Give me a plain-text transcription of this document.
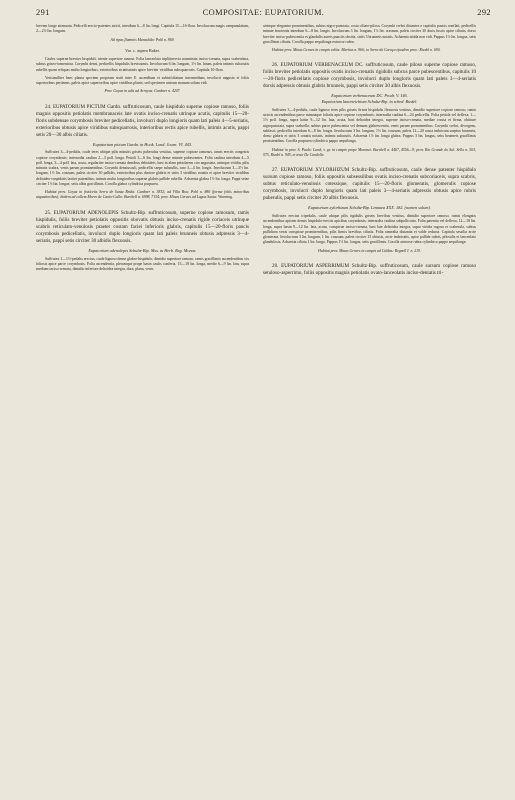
291	COMPOSITAE: EUPATORIUM.	292

brevem longe attenuata. Pedicelli erecto-patentes stricti, interdum 6—8 lin. longi. Capitula 15—16-flora. Involucrum magis campanulatum, 2—2½ lin. longum.

Ad ripas fluminis Marauhão: Pohl n. 869.

Var. c. aspera Baker.

Caules superne breviter hispiduli, triente superiore ramosi. Folia lanceolata tripliiinervia acuminata inciso-crenata, supra scaberrima, subtus griseo-tomentosa. Corymbi densi, pedicellis hispidulis brevissimis. Involucrum 6 lin. longum, 1½ lin. latum, paleis intimis subacutis rubellis quam reliquas multo longioribus, exterioribus striatissimis apice breviter viridibus subsquarrosis. Capitula 10-flora.

Verisimiliter haec planta speciem propriam sistit inter E. ascendium et subtrifoliatum intermedium, involucri angusto et foliis superioribus pertinens, paleis apice superioribus apice viridibus planis; sed specimen unicum manum solum vidi.

Prov. Goyaz in udis ad Arrayas: Gardner n. 4207.

24. EUPATORIUM PICTUM Gardn. suffruticosum, caule hispidulo superne copiose ramoso, foliis magnis oppositis petiolatis membranaceis late ovatis inciso-crenatis utrinque acutis, capitulis 15—20-floris subdensae corymbosis breviter pedicellatis, involucri duplo longioris quam lati paleis 4—5-seriatis, exterioribus obtusis apice viridibus subsquarrosis, interioribus rectis apice rubellis, intimis acutis, pappi setis 20—30 albis ciliatis.

Eupatorium pictum Gardn. in Hook. Lond. Journ. VI. 443.

Suffrutex 3—4-pedalis, caule teres ubique pilis minutis griseis puberulus vestitus, superne copiose ramosus, ramis erectis congestis copiose corymbosis; internodia caulina 2—3 poll. longa. Petioli 3—6 lin. longi dense minute pubescentes. Folia caulina interdum 4—5 poll. longa, 3—4 poll. lata, acuta, regulariter inciso-crenata dentibus deltoideis, basi in alam petiolarem cito angustata, utrinque viridia, pilis minutis scabra, venis parum prominentibus. Corymbi densiusculi, pedicellis saepe subnullis, raro 3—4 lin. longis. Involucrum 3—3½ lin. longum, 1½ lin. crassum, paleis circiter 30 pallidis, exterioribus plus duriore glabris et striis 3 viridibus notatis et apice breviter viridibus deltoideo-cuspidatis laxiter patentibus, intimis multo longioribus superne glabris pallide rubellis. Achaenia glabra 1½ lin. longa. Pappi setae circiter 1½ lin. longae, setis albis gracillimis. Corolla glabra cylindrica purpurea.

Habitat prov. Goyaz in fruticetis Serra de Santa Brida: Gardner n. 3832; ad Villa Boa: Pohl n. 886 (forma foliis minoribus angustioribus); ibidem ad collem Morro de Canto-Gallo: Burchell n. 6998, 7154; prov. Minas Geraes ad Lagoa Santa: Warming.

25. EUPATORIUM ADENOLEPIS Schultz-Bip. suffruticosum, superne copiose ramosum, ramis hispidulis, foliis breviter petiolatis oppositis obovatis obtusis inciso-crenatis rigide coriaceis utrinque scabris reticulato-venulosis praeter costam faciei inferioris glabris, capitulis 15—20-floris paucis corymbosis pedicellatis, involucri duplo longioris quam lati paleis brunneis obtusis adpressis 3—4-seriatis, pappi setis circiter 30 albidis flexuosis.

Eupatorium adenolepis Schultz-Bip. Mss. in Herb. Reg. Monac.

Suffrutex 1—1½-pedalis erectus, caule lignoso dense glabro-hispidulo, dimidio superiore ramoso, ramis gracillimis ascendentibus vix foliosis apice parce corymbosis. Folia ascendentia, plerumque prope basin caulis conferta, 15—18 lin. longa, medio 6—9 lin. lata, supra medium inciso-crenata, dimidio inferiore deltoidea integra, dura, plana, venis

utrinque elegantur prominentibus, subtus nigro-punctata, costa ciliato-pilosa. Corymbi crebri distantes e capitulis paucis conflati, pedicellis minute bracteatis interdum 6—8 lin. longis. Involucrum 3 lin. longum, 1½ lin. crassum, paleis circiter 30 duris fuscis apice ciliatis, dorso breviter inciso-pubescentia et glandulis aureis punctis obsitis, striis 3 brunneis notatis. Achaenia nitida non vidi. Pappus 1½ lin. longus, setis gracillimis ciliatis. Corolla pappo aequilonga extrorse rubra.

Habitat prov. Minas Geraes in campis editis: Martius n. 966; in Serra da Caraça ejusdem prov.: Riedel n. 690.

26. EUPATORIUM VERBENACEUM DC. suffruticosum, caule piloso superne copiose ramoso, foliis breviter petiolatis oppositis ovatis inciso-crenatis rigidulis subcus parce pubescentibus, capitulis 10—20-floris pedicellatis copiose corymbosis, involucri duplo longioris quam lati paleis 3—4-seriatis dorsis adpressis obtusis glabris brunneis, pappi setis circiter 30 albis flexuosis.

Eupatorium verbenaceum DC. Prodr. V. 146.

Eupatorium lancetrichium Schultz-Bip. in sched. Riedel.

Suffrutex 3—4-pedalis, caule lignoso teres pilis griseis firmis hispidulis flexuosis vestitus, dimidio superiore copiose ramoso, ramis strictis ascendentibus parce minutaque foliatis apice copiose corymbosis; internodia caulina 6—24 pedicellis. Folia petiola vel deflexa, 1—1½ poll. longa, supra basin 9—12 lin. lata, acuta, basi deltoidea integra, superne inciso-crenata, mediae crassa et firma, obtiture nigropunctata, supra scabrella, subtus parce pubescentia vel demum glabrescentia, venis parum prominentibus. Corymbi crebri, divergens, subfasci, pedicellis interdum 6—8 lin. longis. Involucrum 3 lin. longum, 1½ lin. crassum, paleis 12—20 acuta imbricata saepius brunneis, dorso glabris et striis 3 ornatis notatis, intimis subacutis. Achaenia 1½ lin. longa glabra. Pappus 3 lin. longus, setis brunneis gracillimis persistentibus. Corolla purpurea cylindrica pappo aequilonga.

Habitat in prov. S. Paulo: Lund; v. gr. in campis prope Moronzi: Burchell n. 4467, 4556—9; prov. Rio Grande do Sul: Sello n. 563, 575, Riedel n. 945, et teste De Candolle.

27. EUPATORIUM XYLORHIZUM Schultz-Bip. suffruticosum, caule dense patenter hispidulo sursum copiose ramoso, foliis oppositis subsessilibus ovatis inciso-crenatis subcoriaceis, supra scabris, subtus reticulato-venulosis cotessique, capitulis 15—20-floris glomeratis, glomerulis copiose corymbosis, involucri duplo longioris quam lati paleis 3—4-seriatis adpressis obtusis apice rubris puberulis, pappi setis circiter 20 albis flexuosis.

Eupatorium xylorhizum Schultz-Bip. Linnaea XXX. 182. (nomen solum).

Suffrutex erectus tripedalis, caule ubique pilis rigidulis griseis brevibus vestitus, dimidio superiore ramoso, ramis elongatis ascendentibus apicem densis hispidulo-erectis apicibus corymbosis; internodia caulina subpollicaria. Folia patentia vel deflexa, 12—18 lin. longa, supra basin 9—12 lin. lata, acuta, conspicue inciso-crenata, basi late deltoidea integra, supra viridia rugosa et scaberula, subtus pallidiora venis conspicue prominentibus, pilis firmis brevibus ciliatis. Folia ramealia distantia et valde reducta. Capitula sessilia arcte glomerata. Involucrum 3 lin. longum, 1 lin. crassum, paleis circiter 15 obtusis, arcte imbricatis, apice pallide rubris, pilosulis et lanceolato glandulosis. Achaenia ciliata 1 lin. longa. Pappus 1½ lin. longus, setis gracillimis. Corolla antrorse rubra cylindrica pappo aequilonga.

Habitat prov. Minas Geraes in campis ad Caldas: Regnell I. n. 219.

28. EUPATORIUM ASPERRIMUM Schultz-Bip. suffruticosum, caule sursum copiose ramoso setuloso-asperrimo, foliis oppositis magnis petiolatis ovato-lanceolatis inciso-dentatis tri-
